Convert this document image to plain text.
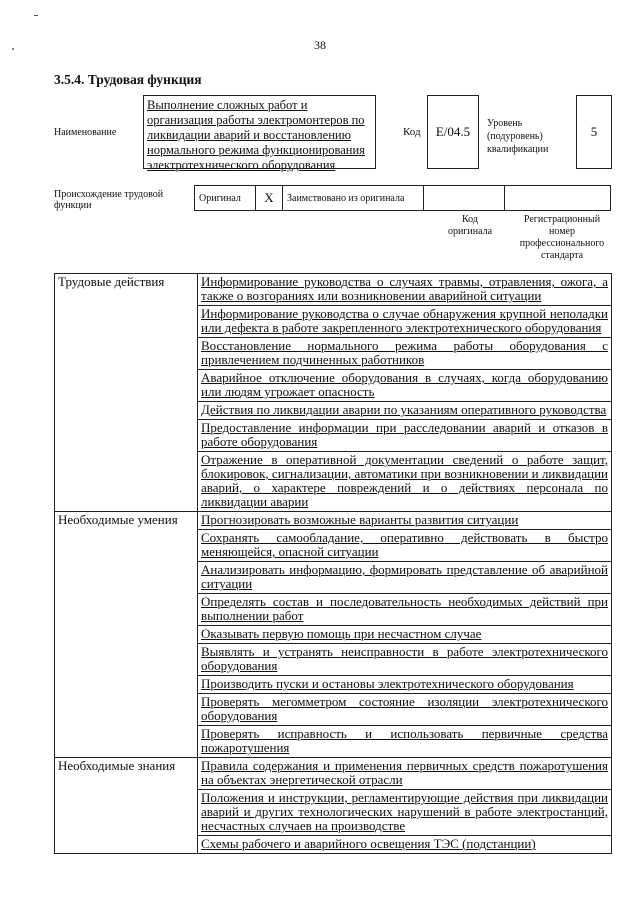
38
3.5.4. Трудовая функция
Наименование
Выполнение сложных работ и организация работы электромонтеров по ликвидации аварий и восстановлению нормального режима функционирования электротехнического оборудования
Код	E/04.5
Уровень (подуровень) квалификации
5
Происхождение трудовой функции
Оригинал	X	Заимствовано из оригинала
Код оригинала
Регистрационный номер профессионального стандарта
Трудовые действия	Информирование руководства о случаях травмы, отравления, ожога, а также о возгораниях или возникновении аварийной ситуации
	Информирование руководства о случае обнаружения крупной неполадки или дефекта в работе закрепленного электротехнического оборудования
	Восстановление нормального режима работы оборудования с привлечением подчиненных работников
	Аварийное отключение оборудования в случаях, когда оборудованию или людям угрожает опасность
	Действия по ликвидации аварии по указаниям оперативного руководства
	Предоставление информации при расследовании аварий и отказов в работе оборудования
	Отражение в оперативной документации сведений о работе защит, блокировок, сигнализации, автоматики при возникновении и ликвидации аварий, о характере повреждений и о действиях персонала по ликвидации аварии
Необходимые умения	Прогнозировать возможные варианты развития ситуации
	Сохранять самообладание, оперативно действовать в быстро меняющейся, опасной ситуации
	Анализировать информацию, формировать представление об аварийной ситуации
	Определять состав и последовательность необходимых действий при выполнении работ
	Оказывать первую помощь при несчастном случае
	Выявлять и устранять неисправности в работе электротехнического оборудования
	Производить пуски и остановы электротехнического оборудования
	Проверять мегомметром состояние изоляции электротехнического оборудования
	Проверять исправность и использовать первичные средства пожаротушения
Необходимые знания	Правила содержания и применения первичных средств пожаротушения на объектах энергетической отрасли
	Положения и инструкции, регламентирующие действия при ликвидации аварий и других технологических нарушений в работе электростанций, несчастных случаев на производстве
	Схемы рабочего и аварийного освещения ТЭС (подстанции)
